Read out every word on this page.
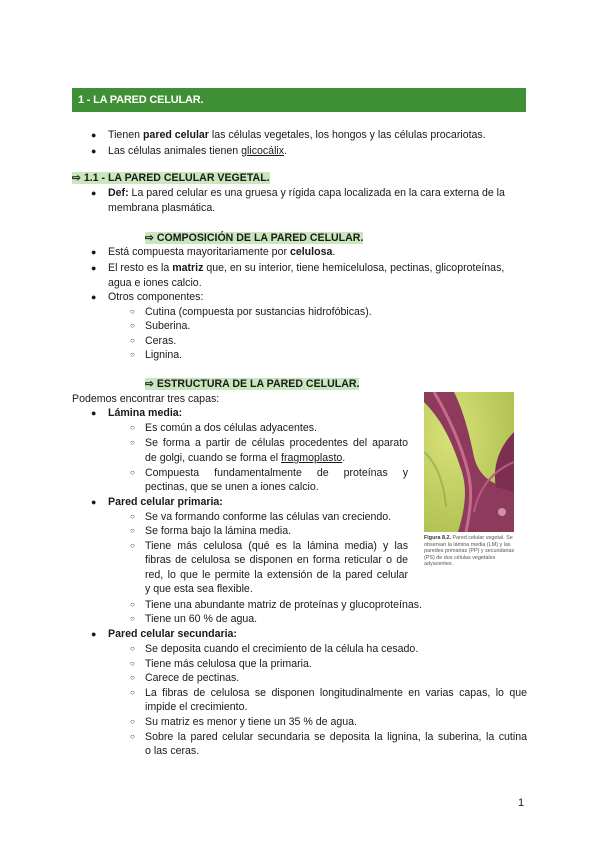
1 - LA PARED CELULAR.
● Tienen pared celular las células vegetales, los hongos y las células procariotas.
● Las células animales tienen glicocálix.
⇨ 1.1 - LA PARED CELULAR VEGETAL.
● Def: La pared celular es una gruesa y rígida capa localizada en la cara externa de la
membrana plasmática.
⇨ COMPOSICIÓN DE LA PARED CELULAR.
● Está compuesta mayoritariamente por celulosa.
● El resto es la matriz que, en su interior, tiene hemicelulosa, pectinas, glicoproteínas,
agua e iones calcio.
● Otros componentes:
○ Cutina (compuesta por sustancias hidrofóbicas).
○ Suberina.
○ Ceras.
○ Lignina.
⇨ ESTRUCTURA DE LA PARED CELULAR.
Podemos encontrar tres capas:
● Lámina media:
○ Es común a dos células adyacentes.
○ Se forma a partir de células procedentes del aparato
de golgi, cuando se forma el fragmoplasto.
○ Compuesta fundamentalmente de proteínas y
pectinas, que se unen a iones calcio.
● Pared celular primaria:
○ Se va formando conforme las células van creciendo.
○ Se forma bajo la lámina media.
○ Tiene más celulosa (qué es la lámina media) y las
fibras de celulosa se disponen en forma reticular o de
red, lo que le permite la extensión de la pared celular
y que esta sea flexible.
○ Tiene una abundante matriz de proteínas y glucoproteínas.
○ Tiene un 60 % de agua.
● Pared celular secundaria:
○ Se deposita cuando el crecimiento de la célula ha cesado.
○ Tiene más celulosa que la primaria.
○ Carece de pectinas.
○ La fibras de celulosa se disponen longitudinalmente en varias capas, lo que
impide el crecimiento.
○ Su matriz es menor y tiene un 35 % de agua.
○ Sobre la pared celular secundaria se deposita la lignina, la suberina, la cutina
o las ceras.
Figura 8.2. Pared celular vegetal. Se observan la lámina media (LM) y las paredes primarias (PP) y secundarias (PS) de dos células vegetales adyacentes.
1
